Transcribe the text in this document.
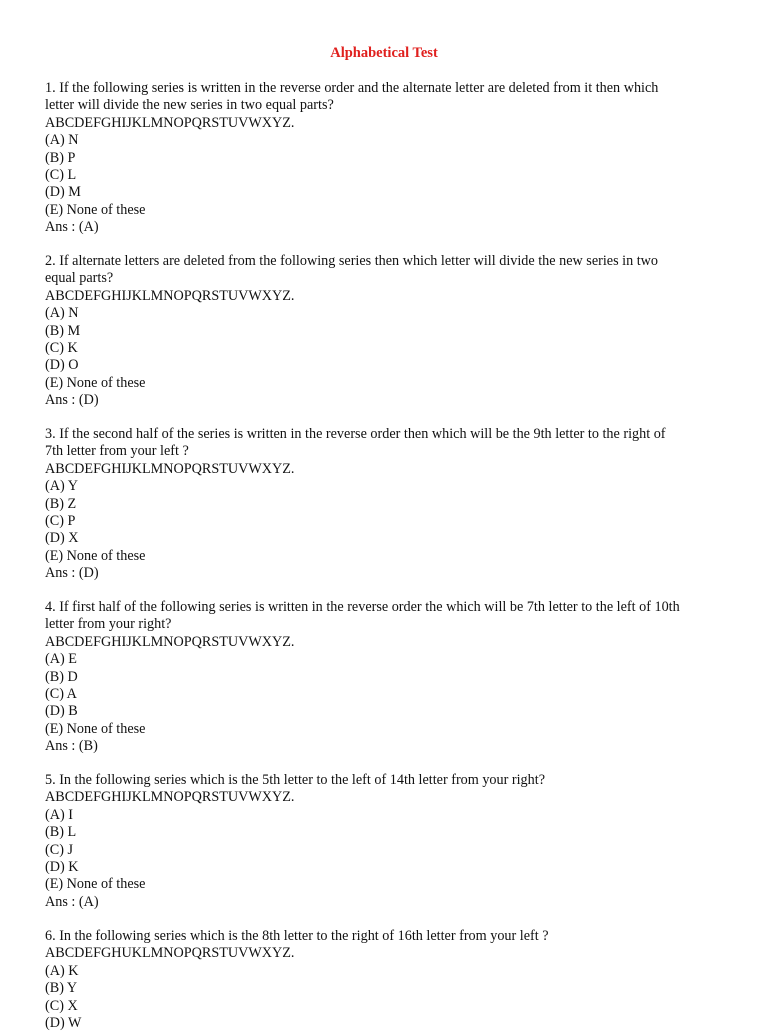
Alphabetical Test
1. If the following series is written in the reverse order and the alternate letter are deleted from it then which
letter will divide the new series in two equal parts?
ABCDEFGHIJKLMNOPQRSTUVWXYZ.
(A) N
(B) P
(C) L
(D) M
(E) None of these
Ans : (A)
2. If alternate letters are deleted from the following series then which letter will divide the new series in two
equal parts?
ABCDEFGHIJKLMNOPQRSTUVWXYZ.
(A) N
(B) M
(C) K
(D) O
(E) None of these
Ans : (D)
3. If the second half of the series is written in the reverse order then which will be the 9th letter to the right of
7th letter from your left ?
ABCDEFGHIJKLMNOPQRSTUVWXYZ.
(A) Y
(B) Z
(C) P
(D) X
(E) None of these
Ans : (D)
4. If first half of the following series is written in the reverse order the which will be 7th letter to the left of 10th
letter from your right?
ABCDEFGHIJKLMNOPQRSTUVWXYZ.
(A) E
(B) D
(C) A
(D) B
(E) None of these
Ans : (B)
5. In the following series which is the 5th letter to the left of 14th letter from your right?
ABCDEFGHIJKLMNOPQRSTUVWXYZ.
(A) I
(B) L
(C) J
(D) K
(E) None of these
Ans : (A)
6. In the following series which is the 8th letter to the right of 16th letter from your left ?
ABCDEFGHUKLMNOPQRSTUVWXYZ.
(A) K
(B) Y
(C) X
(D) W
